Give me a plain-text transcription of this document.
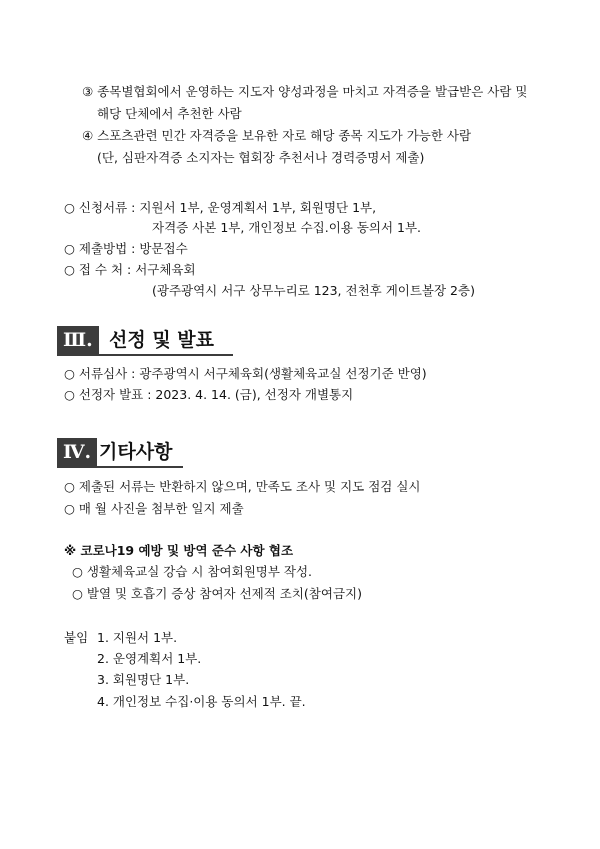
③ 종목별협회에서 운영하는 지도자 양성과정을 마치고 자격증을 발급받은 사람 및
해당 단체에서 추천한 사람
④ 스포츠관련 민간 자격증을 보유한 자로 해당 종목 지도가 가능한 사람
(단, 심판자격증 소지자는 협회장 추천서나 경력증명서 제출)
○ 신청서류 : 지원서 1부, 운영계획서 1부, 회원명단 1부,
자격증 사본 1부, 개인정보 수집.이용 동의서 1부.
○ 제출방법 : 방문접수
○ 접 수 처 : 서구체육회
(광주광역시 서구 상무누리로 123, 전천후 게이트볼장 2층)
Ⅲ. 선정 및 발표
○ 서류심사 : 광주광역시 서구체육회(생활체육교실 선정기준 반영)
○ 선정자 발표 : 2023. 4. 14. (금), 선정자 개별통지
Ⅳ. 기타사항
○ 제출된 서류는 반환하지 않으며, 만족도 조사 및 지도 점검 실시
○ 매 월 사진을 첨부한 일지 제출
※ 코로나19 예방 및 방역 준수 사항 협조
○ 생활체육교실 강습 시 참여회원명부 작성.
○ 발열 및 호흡기 증상 참여자 선제적 조치(참여금지)
붙임 1. 지원서 1부.
2. 운영계획서 1부.
3. 회원명단 1부.
4. 개인정보 수집·이용 동의서 1부. 끝.
